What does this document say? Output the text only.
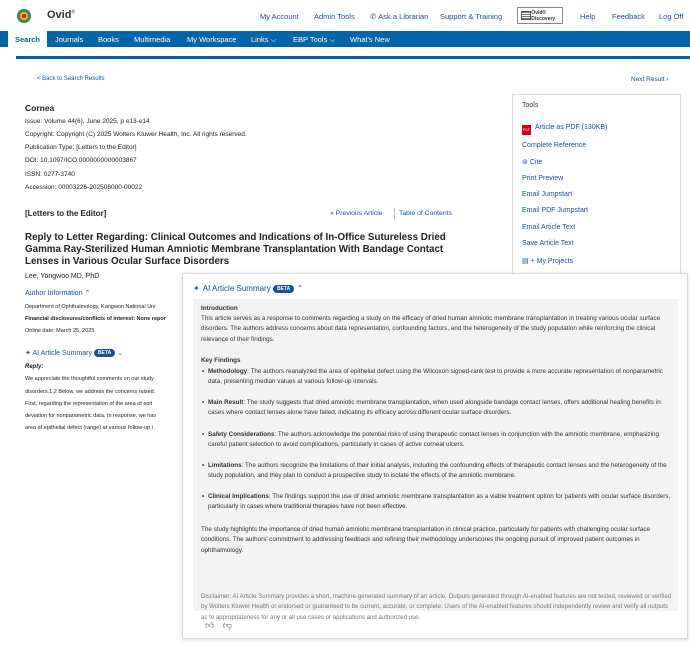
Ovid®	My Account Admin Tools ✆ Ask a Librarian Support & Training	Ovid® Discovery	Help Feedback Log Off
Search	Journals Books Multimedia My Workspace Links ⌵ EBP Tools ⌵ What's New
< Back to Search Results	Next Result ›
Cornea
Issue: Volume 44(6), June 2025, p e13-e14
Copyright: Copyright (C) 2025 Wolters Kluwer Health, Inc. All rights reserved.
Publication Type: [Letters to the Editor]
DOI: 10.1097/ICO.0000000000003867
ISSN: 0277-3740
Accession: 00003226-202506000-00022
[Letters to the Editor]	« Previous Article Table of Contents
Reply to Letter Regarding: Clinical Outcomes and Indications of In-Office Sutureless Dried Gamma Ray-Sterilized Human Amniotic Membrane Transplantation With Bandage Contact Lenses in Various Ocular Surface Disorders
Lee, Yongwoo MD, PhD
Author Information ⌃
Department of Ophthalmology, Kangwon National Uni
Financial disclosures/conflicts of interest: None repor
Online date: March 25, 2025
✦ AI Article Summary BETA ⌄
Reply:
We appreciate the thoughtful comments on our study
disorders.1,2 Below, we address the concerns raised.
First, regarding the representation of the area of epit
deviation for nonparametric data. In response, we hav
area of epithelial defect (range) at various follow-up i
Tools
PDF Article as PDF (130KB)
Complete Reference
⊚ Cite
Print Preview
Email Jumpstart
Email PDF Jumpstart
Email Article Text
Save Article Text
▤ + My Projects
✦ AI Article Summary BETA ⌃
Introduction
This article serves as a response to comments regarding a study on the efficacy of dried human amniotic membrane transplantation in treating various ocular surface disorders. The authors address concerns about data representation, confounding factors, and the heterogeneity of the study population while reinforcing the clinical relevance of their findings.
Key Findings
• Methodology: The authors reanalyzed the area of epithelial defect using the Wilcoxon signed-rank test to provide a more accurate representation of nonparametric data, presenting median values at various follow-up intervals.
• Main Result: The study suggests that dried amniotic membrane transplantation, when used alongside bandage contact lenses, offers additional healing benefits in cases where contact lenses alone have failed, indicating its efficacy across different ocular surface disorders.
• Safety Considerations: The authors acknowledge the potential risks of using therapeutic contact lenses in conjunction with the amniotic membrane, emphasizing careful patient selection to avoid complications, particularly in cases of active corneal ulcers.
• Limitations: The authors recognize the limitations of their initial analysis, including the confounding effects of therapeutic contact lenses and the heterogeneity of the study population, and they plan to conduct a prospective study to isolate the effects of the amniotic membrane.
• Clinical Implications: The findings support the use of dried amniotic membrane transplantation as a viable treatment option for patients with ocular surface disorders, particularly in cases where traditional therapies have not been effective.
The study highlights the importance of dried human amniotic membrane transplantation in clinical practice, particularly for patients with challenging ocular surface conditions. The authors' commitment to addressing feedback and refining their methodology underscores the ongoing pursuit of improved patient outcomes in ophthalmology.
Disclaimer: AI Article Summary provides a short, machine-generated summary of an article. Outputs generated through AI-enabled features are not tested, reviewed or verified by Wolters Kluwer Health or endorsed or guaranteed to be current, accurate, or complete. Users of the AI-enabled features should independently review and verify all outputs as to appropriateness for any or all use cases or applications and authorized use.
👍︎ 👎︎
